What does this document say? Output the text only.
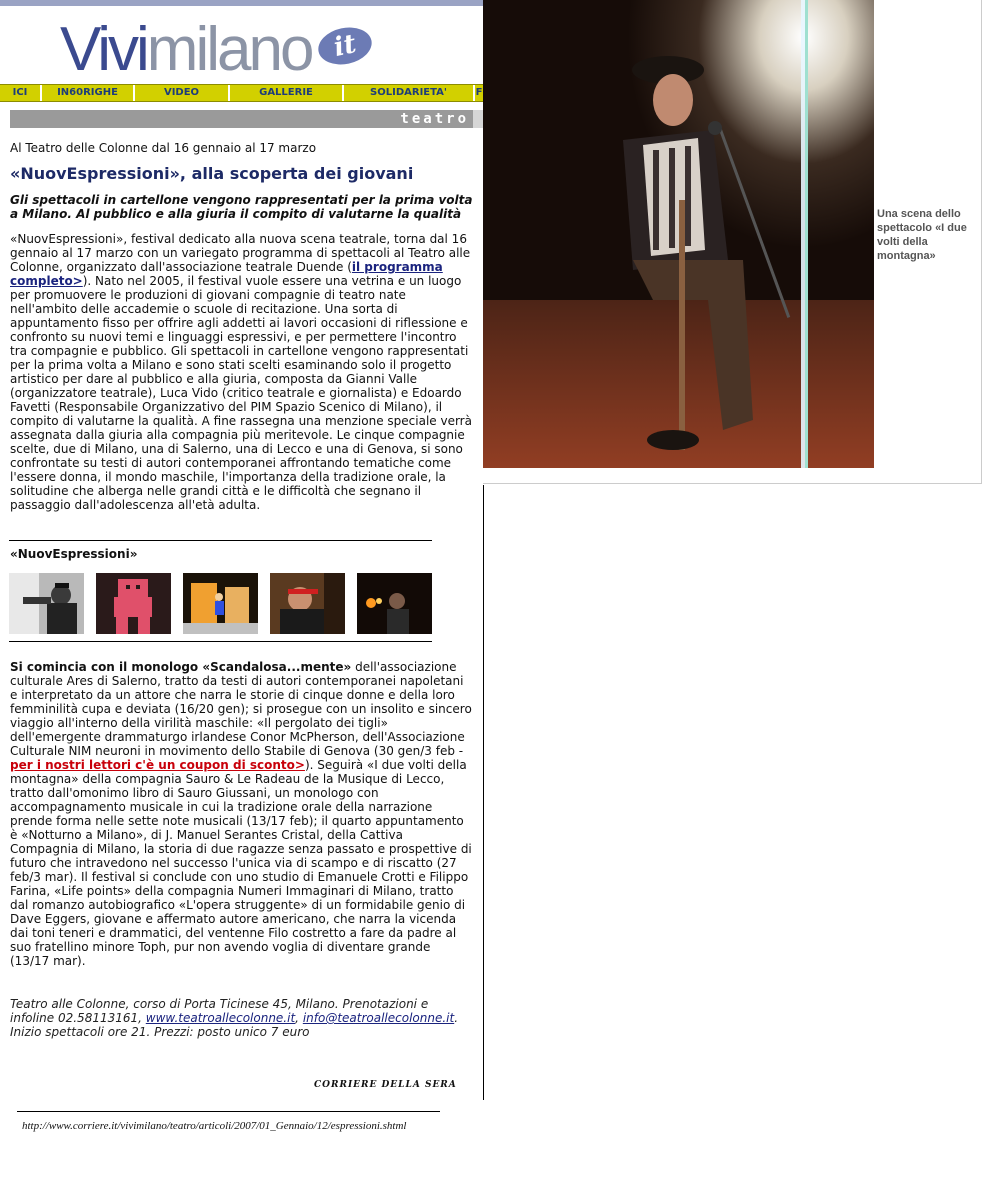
Vivimilano it
ICI	IN60RIGHE	VIDEO	GALLERIE	SOLIDARIETA'	F
teatro
Al Teatro delle Colonne dal 16 gennaio al 17 marzo
«NuovEspressioni», alla scoperta dei giovani
Gli spettacoli in cartellone vengono rappresentati per la prima volta a Milano. Al pubblico e alla giuria il compito di valutarne la qualità
«NuovEspressioni», festival dedicato alla nuova scena teatrale, torna dal 16 gennaio al 17 marzo con un variegato programma di spettacoli al Teatro alle Colonne, organizzato dall'associazione teatrale Duende (il programma completo>). Nato nel 2005, il festival vuole essere una vetrina e un luogo per promuovere le produzioni di giovani compagnie di teatro nate nell'ambito delle accademie o scuole di recitazione. Una sorta di appuntamento fisso per offrire agli addetti ai lavori occasioni di riflessione e confronto su nuovi temi e linguaggi espressivi, e per permettere l'incontro tra compagnie e pubblico. Gli spettacoli in cartellone vengono rappresentati per la prima volta a Milano e sono stati scelti esaminando solo il progetto artistico per dare al pubblico e alla giuria, composta da Gianni Valle (organizzatore teatrale), Luca Vido (critico teatrale e giornalista) e Edoardo Favetti (Responsabile Organizzativo del PIM Spazio Scenico di Milano), il compito di valutarne la qualità. A fine rassegna una menzione speciale verrà assegnata dalla giuria alla compagnia più meritevole. Le cinque compagnie scelte, due di Milano, una di Salerno, una di Lecco e una di Genova, si sono confrontate su testi di autori contemporanei affrontando tematiche come l'essere donna, il mondo maschile, l'importanza della tradizione orale, la solitudine che alberga nelle grandi città e le difficoltà che segnano il passaggio dall'adolescenza all'età adulta.
«NuovEspressioni»
Si comincia con il monologo «Scandalosa...mente» dell'associazione culturale Ares di Salerno, tratto da testi di autori contemporanei napoletani e interpretato da un attore che narra le storie di cinque donne e della loro femminilità cupa e deviata (16/20 gen); si prosegue con un insolito e sincero viaggio all'interno della virilità maschile: «Il pergolato dei tigli» dell'emergente drammaturgo irlandese Conor McPherson, dell'Associazione Culturale NIM neuroni in movimento dello Stabile di Genova (30 gen/3 feb - per i nostri lettori c'è un coupon di sconto>). Seguirà «I due volti della montagna» della compagnia Sauro & Le Radeau de la Musique di Lecco, tratto dall'omonimo libro di Sauro Giussani, un monologo con accompagnamento musicale in cui la tradizione orale della narrazione prende forma nelle sette note musicali (13/17 feb); il quarto appuntamento è «Notturno a Milano», di J. Manuel Serantes Cristal, della Cattiva Compagnia di Milano, la storia di due ragazze senza passato e prospettive di futuro che intravedono nel successo l'unica via di scampo e di riscatto (27 feb/3 mar). Il festival si conclude con uno studio di Emanuele Crotti e Filippo Farina, «Life points» della compagnia Numeri Immaginari di Milano, tratto dal romanzo autobiografico «L'opera struggente» di un formidabile genio di Dave Eggers, giovane e affermato autore americano, che narra la vicenda dai toni teneri e drammatici, del ventenne Filo costretto a fare da padre al suo fratellino minore Toph, pur non avendo voglia di diventare grande (13/17 mar).
Teatro alle Colonne, corso di Porta Ticinese 45, Milano. Prenotazioni e infoline 02.58113161, www.teatroallecolonne.it, info@teatroallecolonne.it. Inizio spettacoli ore 21. Prezzi: posto unico 7 euro
CORRIERE DELLA SERA
http://www.corriere.it/vivimilano/teatro/articoli/2007/01_Gennaio/12/espressioni.shtml
Una scena dello spettacolo «I due volti della montagna»
